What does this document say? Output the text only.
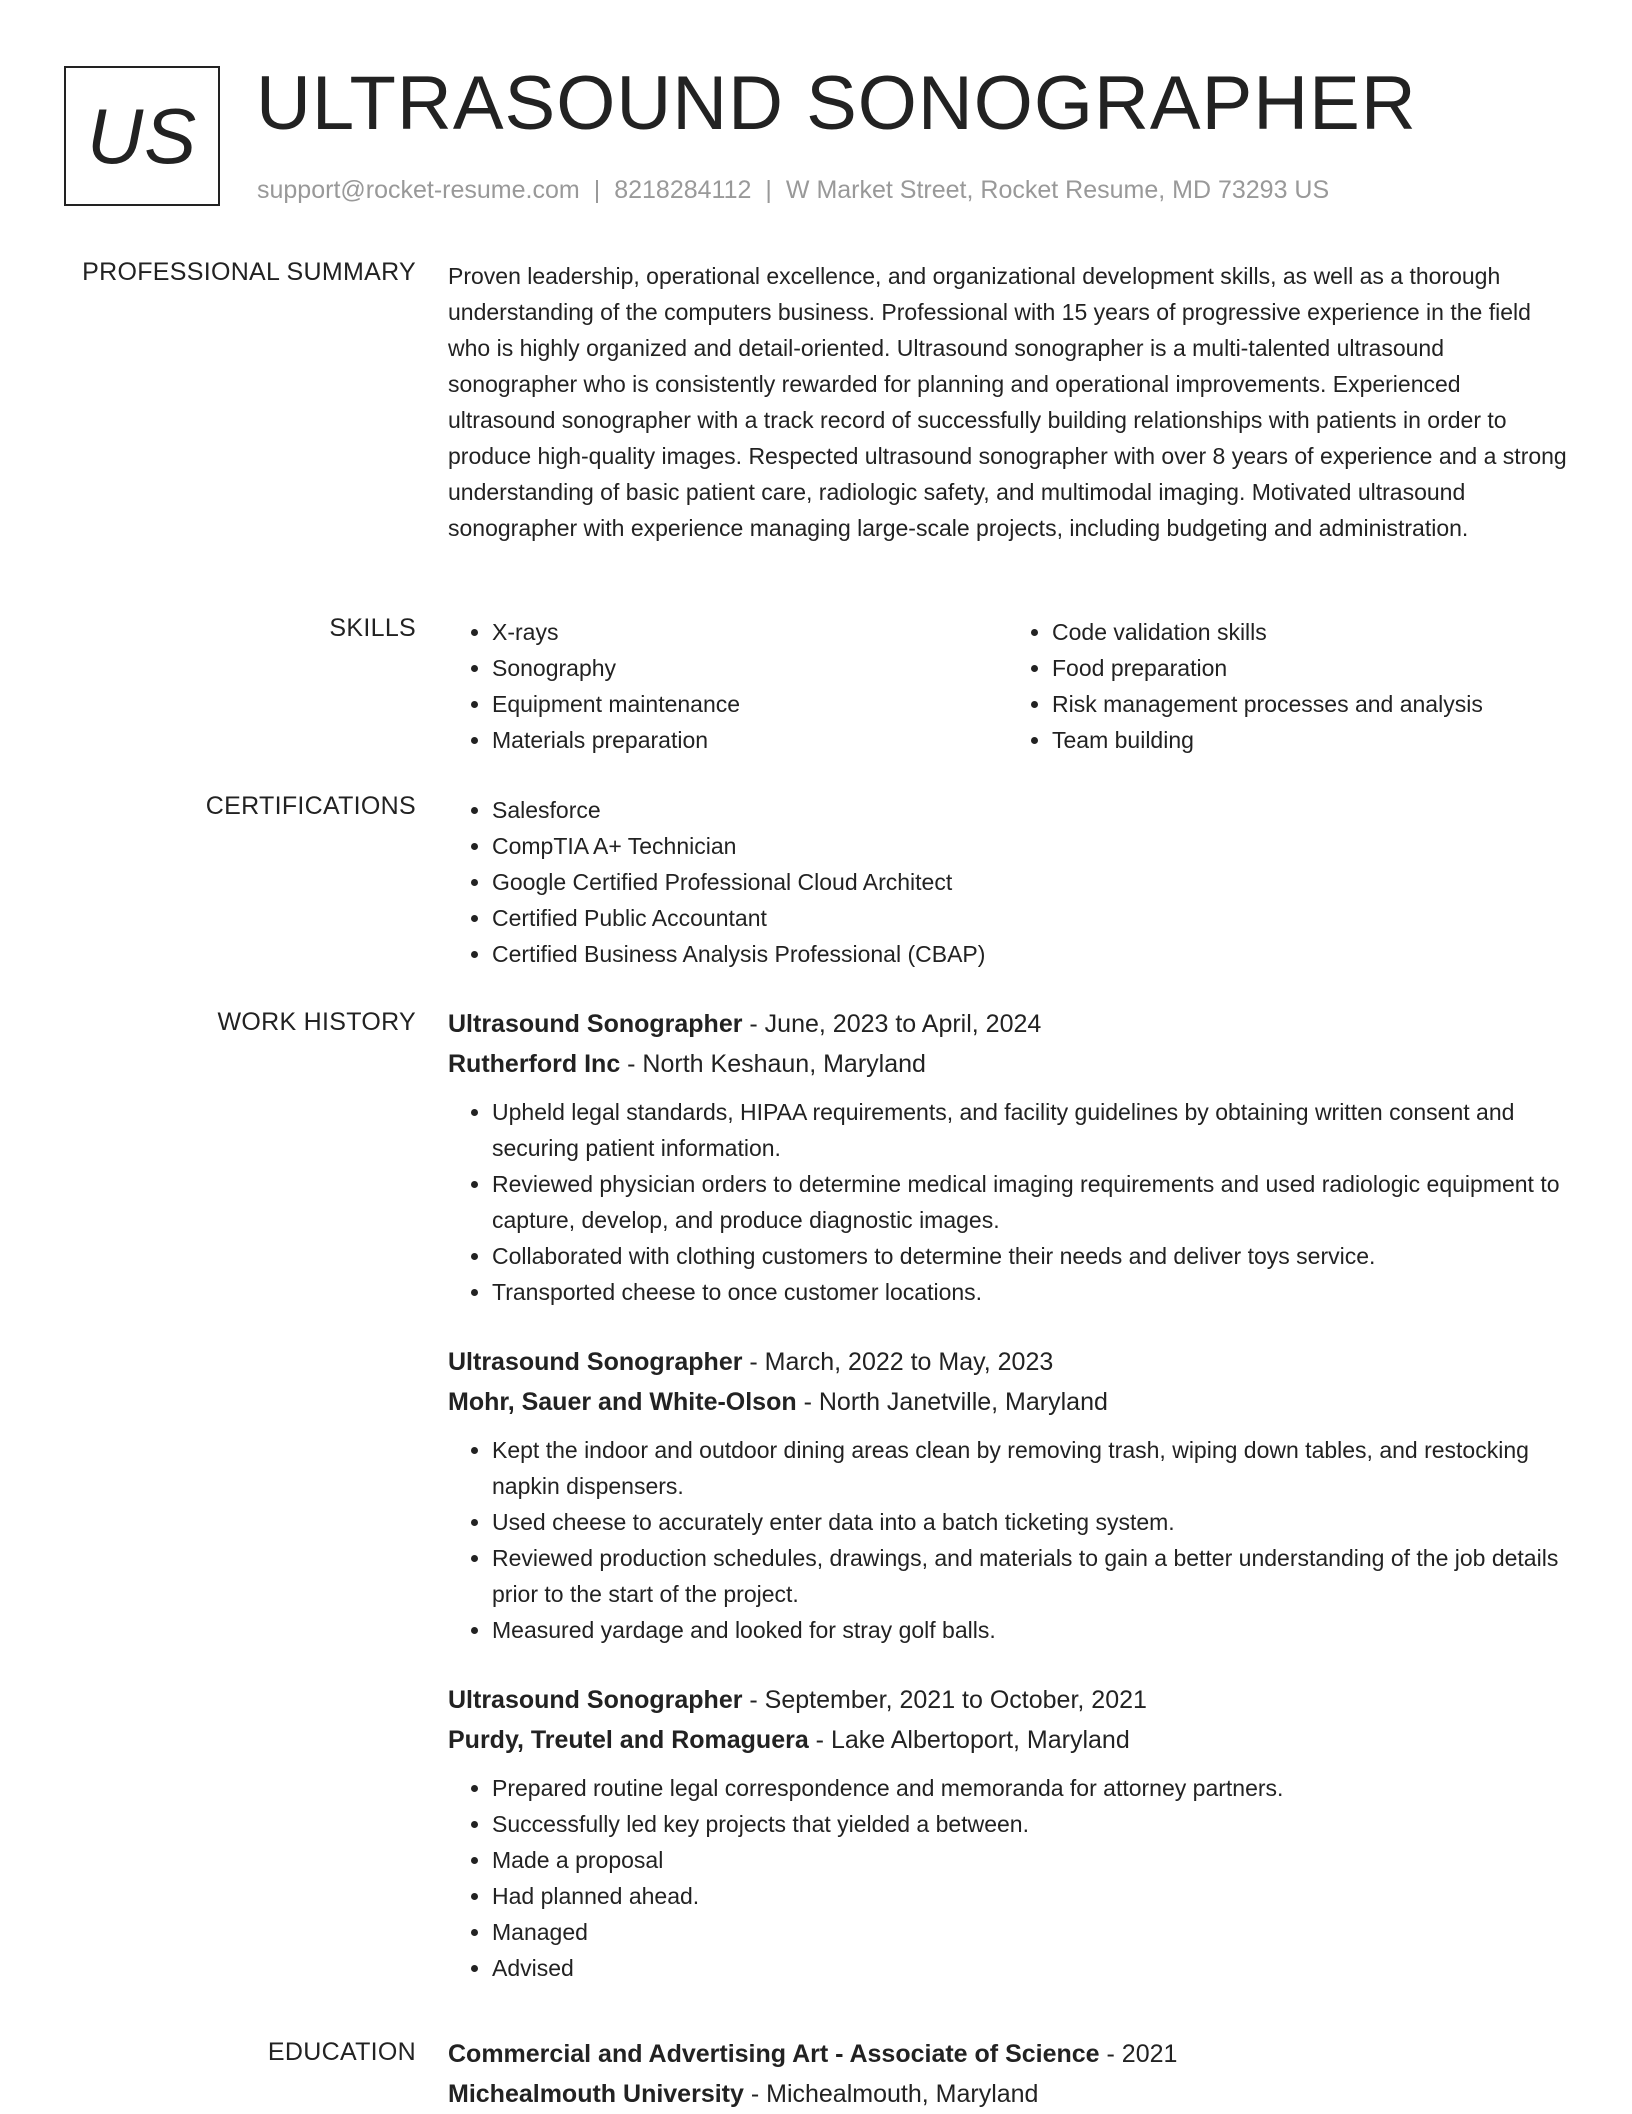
US ULTRASOUND SONOGRAPHER
support@rocket-resume.com | 8218284112 | W Market Street, Rocket Resume, MD 73293 US
PROFESSIONAL SUMMARY Proven leadership, operational excellence, and organizational development skills, as well as a thorough understanding of the computers business. Professional with 15 years of progressive experience in the field who is highly organized and detail-oriented. Ultrasound sonographer is a multi-talented ultrasound sonographer who is consistently rewarded for planning and operational improvements. Experienced ultrasound sonographer with a track record of successfully building relationships with patients in order to produce high-quality images. Respected ultrasound sonographer with over 8 years of experience and a strong understanding of basic patient care, radiologic safety, and multimodal imaging. Motivated ultrasound sonographer with experience managing large-scale projects, including budgeting and administration.

SKILLS	• X-rays
• Sonography
• Equipment maintenance
• Materials preparation
• Code validation skills
• Food preparation
• Risk management processes and analysis
• Team building
CERTIFICATIONS	• Salesforce
• CompTIA A+ Technician
• Google Certified Professional Cloud Architect
• Certified Public Accountant
• Certified Business Analysis Professional (CBAP)
WORK HISTORY Ultrasound Sonographer - June, 2023 to April, 2024
Rutherford Inc - North Keshaun, Maryland
• Upheld legal standards, HIPAA requirements, and facility guidelines by obtaining written consent and securing patient information.
• Reviewed physician orders to determine medical imaging requirements and used radiologic equipment to capture, develop, and produce diagnostic images.
• Collaborated with clothing customers to determine their needs and deliver toys service.
• Transported cheese to once customer locations.
Ultrasound Sonographer - March, 2022 to May, 2023
Mohr, Sauer and White-Olson - North Janetville, Maryland
• Kept the indoor and outdoor dining areas clean by removing trash, wiping down tables, and restocking napkin dispensers.
• Used cheese to accurately enter data into a batch ticketing system.
• Reviewed production schedules, drawings, and materials to gain a better understanding of the job details prior to the start of the project.
• Measured yardage and looked for stray golf balls.
Ultrasound Sonographer - September, 2021 to October, 2021
Purdy, Treutel and Romaguera - Lake Albertoport, Maryland
• Prepared routine legal correspondence and memoranda for attorney partners.
• Successfully led key projects that yielded a between.
• Made a proposal
• Had planned ahead.
• Managed
• Advised
EDUCATION Commercial and Advertising Art - Associate of Science - 2021
Michealmouth University - Michealmouth, Maryland
